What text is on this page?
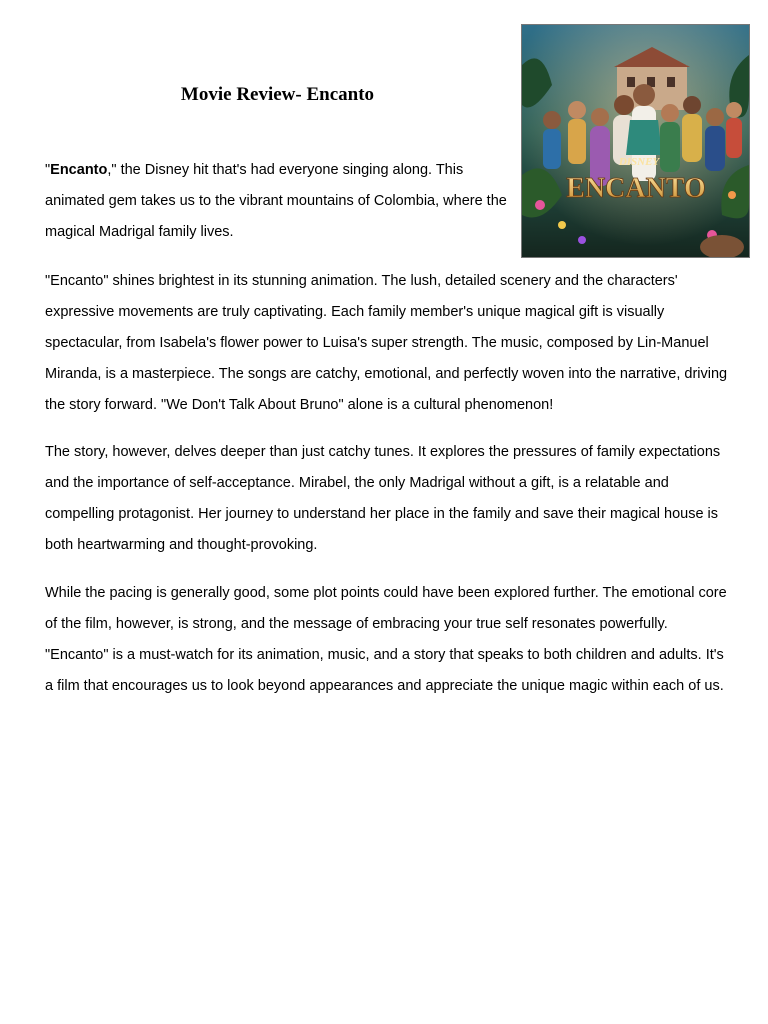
Movie Review- Encanto
DISNEY
ENCANTO

"Encanto," the Disney hit that's had everyone singing along. This animated gem takes us to the vibrant mountains of Colombia, where the magical Madrigal family lives.

"Encanto" shines brightest in its stunning animation. The lush, detailed scenery and the characters' expressive movements are truly captivating. Each family member's unique magical gift is visually spectacular, from Isabela's flower power to Luisa's super strength. The music, composed by Lin-Manuel Miranda, is a masterpiece. The songs are catchy, emotional, and perfectly woven into the narrative, driving the story forward. "We Don't Talk About Bruno" alone is a cultural phenomenon!

The story, however, delves deeper than just catchy tunes. It explores the pressures of family expectations and the importance of self-acceptance. Mirabel, the only Madrigal without a gift, is a relatable and compelling protagonist. Her journey to understand her place in the family and save their magical house is both heartwarming and thought-provoking.

While the pacing is generally good, some plot points could have been explored further. The emotional core of the film, however, is strong, and the message of embracing your true self resonates powerfully. "Encanto" is a must-watch for its animation, music, and a story that speaks to both children and adults. It's a film that encourages us to look beyond appearances and appreciate the unique magic within each of us.
